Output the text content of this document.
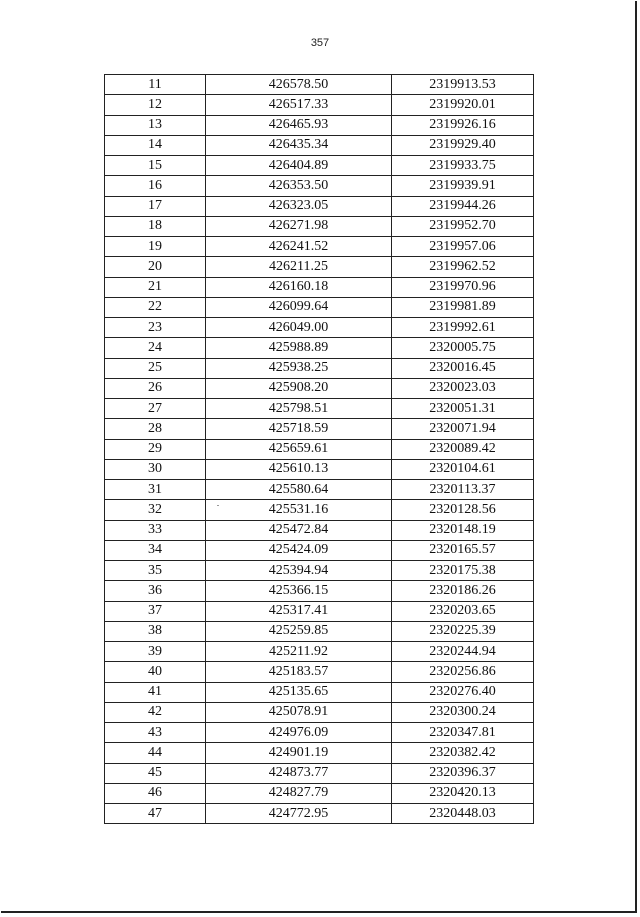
357
11	426578.50	2319913.53
12	426517.33	2319920.01
13	426465.93	2319926.16
14	426435.34	2319929.40
15	426404.89	2319933.75
16	426353.50	2319939.91
17	426323.05	2319944.26
18	426271.98	2319952.70
19	426241.52	2319957.06
20	426211.25	2319962.52
21	426160.18	2319970.96
22	426099.64	2319981.89
23	426049.00	2319992.61
24	425988.89	2320005.75
25	425938.25	2320016.45
26	425908.20	2320023.03
27	425798.51	2320051.31
28	425718.59	2320071.94
29	425659.61	2320089.42
30	425610.13	2320104.61
31	425580.64	2320113.37
32	425531.16	2320128.56
33	425472.84	2320148.19
34	425424.09	2320165.57
35	425394.94	2320175.38
36	425366.15	2320186.26
37	425317.41	2320203.65
38	425259.85	2320225.39
39	425211.92	2320244.94
40	425183.57	2320256.86
41	425135.65	2320276.40
42	425078.91	2320300.24
43	424976.09	2320347.81
44	424901.19	2320382.42
45	424873.77	2320396.37
46	424827.79	2320420.13
47	424772.95	2320448.03
